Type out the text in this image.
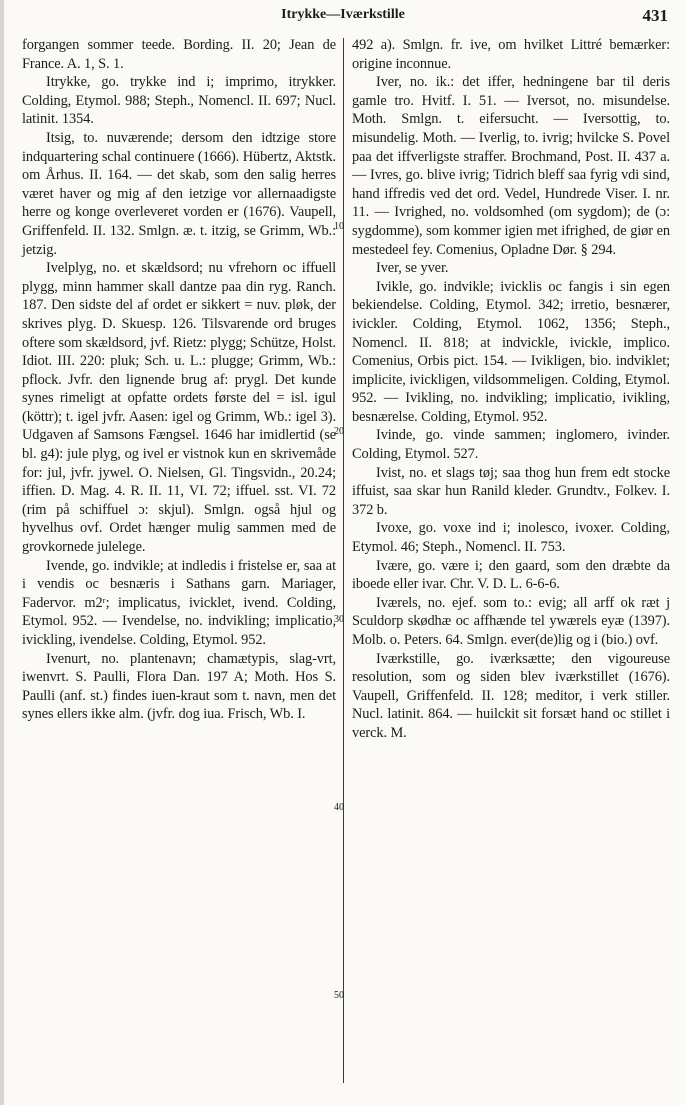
Itrykke—Iværkstille	431
10
20
30
40
50

forgangen sommer teede. Bording. II. 20; Jean de France. A. 1, S. 1.

Itrykke, go. trykke ind i; imprimo, itrykker. Colding, Etymol. 988; Steph., Nomencl. II. 697; Nucl. latinit. 1354.

Itsig, to. nuværende; dersom den idtzige store indquartering schal continuere (1666). Hübertz, Aktstk. om Århus. II. 164. — det skab, som den salig herres været haver og mig af den ietzige vor allernaadigste herre og konge overleveret vorden er (1676). Vaupell, Griffenfeld. II. 132. Smlgn. æ. t. itzig, se Grimm, Wb.: jetzig.

Ivelplyg, no. et skældsord; nu vfrehorn oc iffuell plygg, minn hammer skall dantze paa din ryg. Ranch. 187. Den sidste del af ordet er sikkert = nuv. pløk, der skrives plyg. D. Skuesp. 126. Tilsvarende ord bruges oftere som skældsord, jvf. Rietz: plygg; Schütze, Holst. Idiot. III. 220: pluk; Sch. u. L.: plugge; Grimm, Wb.: pflock. Jvfr. den lignende brug af: prygl. Det kunde synes rimeligt at opfatte ordets første del = isl. igul (köttr); t. igel jvfr. Aasen: igel og Grimm, Wb.: igel 3). Udgaven af Samsons Fængsel. 1646 har imidlertid (se bl. g4): jule plyg, og ivel er vistnok kun en skrivemåde for: jul, jvfr. jywel. O. Nielsen, Gl. Tingsvidn., 20.24; iffien. D. Mag. 4. R. II. 11, VI. 72; iffuel. sst. VI. 72 (rim på schiffuel ɔ: skjul). Smlgn. også hjul og hyvelhus ovf. Ordet hænger mulig sammen med de grovkornede julelege.

Ivende, go. indvikle; at indledis i fristelse er, saa at i vendis oc besnæris i Sathans garn. Mariager, Fadervor. m2ʳ; implicatus, ivicklet, ivend. Colding, Etymol. 952. — Ivendelse, no. indvikling; implicatio, ivickling, ivendelse. Colding, Etymol. 952.

Ivenurt, no. plantenavn; chamætypis, slag-vrt, iwenvrt. S. Paulli, Flora Dan. 197 A; Moth. Hos S. Paulli (anf. st.) findes iuen-kraut som t. navn, men det synes ellers ikke alm. (jvfr. dog iua. Frisch, Wb. I.

492 a). Smlgn. fr. ive, om hvilket Littré bemærker: origine inconnue.

Iver, no. ik.: det iffer, hedningene bar til deris gamle tro. Hvitf. I. 51. — Iversot, no. misundelse. Moth. Smlgn. t. eifersucht. — Iversottig, to. misundelig. Moth. — Iverlig, to. ivrig; hvilcke S. Povel paa det iffverligste straffer. Brochmand, Post. II. 437 a. — Ivres, go. blive ivrig; Tidrich bleff saa fyrig vdi sind, hand iffredis ved det ord. Vedel, Hundrede Viser. I. nr. 11. — Ivrighed, no. voldsomhed (om sygdom); de (ɔ: sygdomme), som kommer igien met ifrighed, de giør en mestedeel fey. Comenius, Opladne Dør. § 294.

Iver, se yver.

Ivikle, go. indvikle; ivicklis oc fangis i sin egen bekiendelse. Colding, Etymol. 342; irretio, besnærer, ivickler. Colding, Etymol. 1062, 1356; Steph., Nomencl. II. 818; at indvickle, ivickle, implico. Comenius, Orbis pict. 154. — Ivikligen, bio. indviklet; implicite, ivickligen, vildsommeligen. Colding, Etymol. 952. — Ivikling, no. indvikling; implicatio, ivikling, besnærelse. Colding, Etymol. 952.

Ivinde, go. vinde sammen; inglomero, ivinder. Colding, Etymol. 527.

Ivist, no. et slags tøj; saa thog hun frem edt stocke iffuist, saa skar hun Ranild kleder. Grundtv., Folkev. I. 372 b.

Ivoxe, go. voxe ind i; inolesco, ivoxer. Colding, Etymol. 46; Steph., Nomencl. II. 753.

Ivære, go. være i; den gaard, som den dræbte da iboede eller ivar. Chr. V. D. L. 6-6-6.

Iværels, no. ejef. som to.: evig; all arff ok ræt j Sculdorp skødhæ oc affhænde tel ywærels eyæ (1397). Molb. o. Peters. 64. Smlgn. ever(de)lig og i (bio.) ovf.

Iværkstille, go. iværksætte; den vigoureuse resolution, som og siden blev iværkstillet (1676). Vaupell, Griffenfeld. II. 128; meditor, i verk stiller. Nucl. latinit. 864. — huilckit sit forsæt hand oc stillet i verck. M.
